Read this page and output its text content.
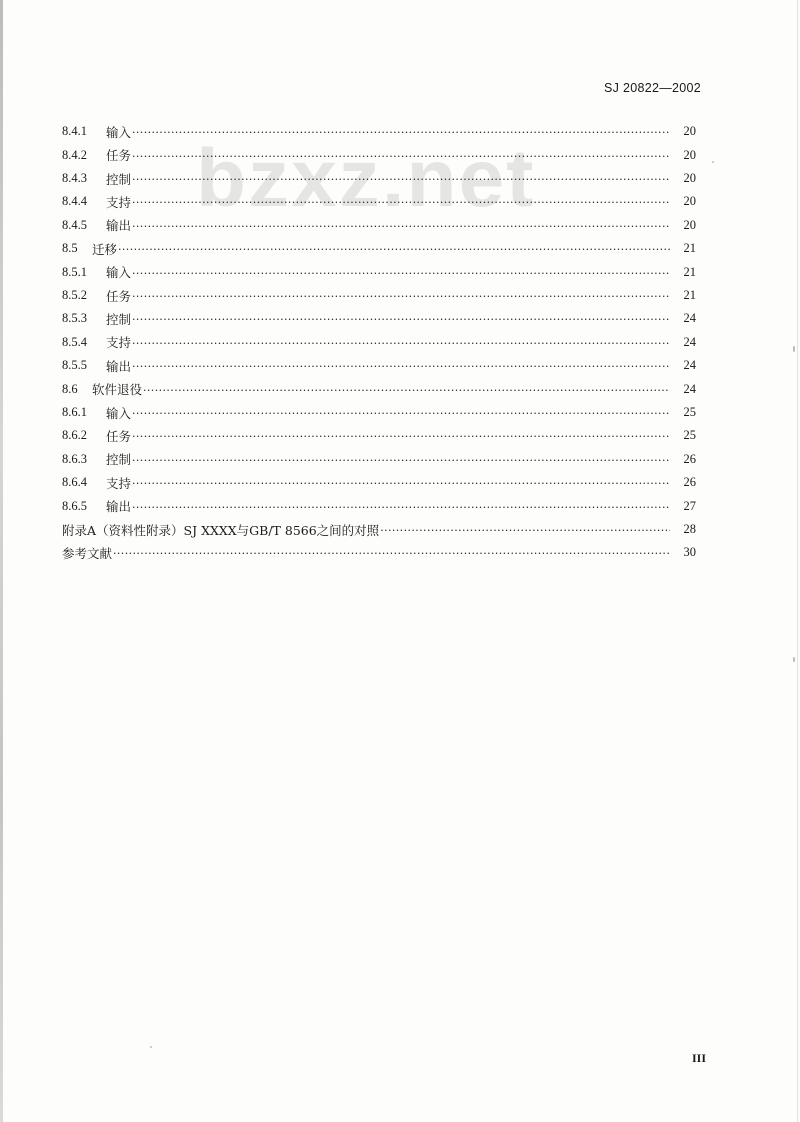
SJ 20822—2002
bzxz.net
8.4.1	输入 ·····	20
8.4.2	任务 ·····	20
8.4.3	控制 ·····	20
8.4.4	支持 ·····	20
8.4.5	输出 ·····	20
8.5	迁移 ·····	21
8.5.1	输入 ·····	21
8.5.2	任务 ·····	21
8.5.3	控制 ·····	24
8.5.4	支持 ·····	24
8.5.5	输出 ·····	24
8.6	软件退役 ·····	24
8.6.1	输入 ·····	25
8.6.2	任务 ·····	25
8.6.3	控制 ·····	26
8.6.4	支持 ·····	26
8.6.5	输出 ·····	27
附录A（资料性附录）SJ XXXX与GB/T 8566之间的对照 ·····	28
参考文献 ·····	30
III
